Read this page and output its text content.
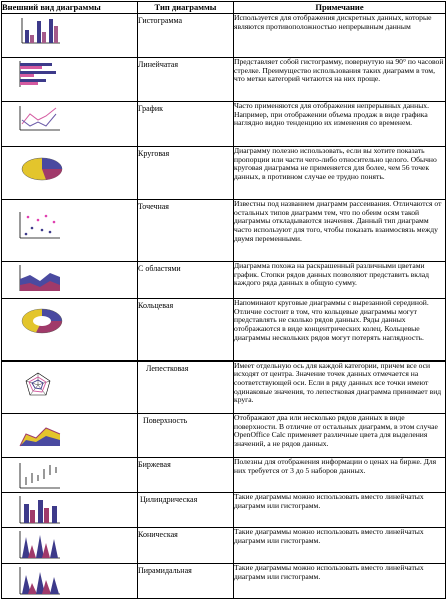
Внешний вид диаграммы	Тип диаграммы	Примечание

Гистограмма	Используется для отображения дискретных данных, которые являются противоположностью непрерывным данным

Линейчатая	Представляет собой гистограмму, повернутую на 90° по часовой стрелке. Преимущество использования таких диаграмм в том, что метки категорий читаются на них проще.

График	Часто применяются для отображения непрерывных данных. Например, при отображении объема продаж в виде графика наглядно видно тенденцию их изменения со временем.

Круговая	Диаграмму полезно использовать, если вы хотите показать пропорции или части чего-либо относительно целого. Обычно круговая диаграмма не применяется для более, чем 56 точек данных, в противном случае ее трудно понять.

Точечная	Известны под названием диаграмм рассеивания. Отличаются от остальных типов диаграмм тем, что по обеим осям такой диаграммы откладываются значения. Данный тип диаграмм часто используют для того, чтобы показать взаимосвязь между двумя переменными.

С областями	Диаграмма похожа на раскрашенный различными цветами график. Стопки рядов данных позволяют представить вклад каждого ряда данных в общую сумму.

Кольцевая	Напоминают круговые диаграммы с вырезанной серединой. Отличие состоит в том, что кольцевые диаграммы могут представлять не сколько рядов данных. Ряды данных отображаются в виде концентрических колец. Кольцевые диаграммы нескольких рядов могут потерять наглядность.

Лепестковая	Имеет отдельную ось для каждой категории, причем все оси исходят от центра. Значение точек данных отмечается на соответствующей оси. Если в ряду данных все точки имеют одинаковые значения, то лепестковая диаграмма принимает вид круга.

Поверхность	Отображают два или несколько рядов данных в виде поверхности. В отличие от остальных диаграмм, в этом случае OpenOffice Calc применяет различные цвета для выделения значений, а не рядов данных.

Биржевая	Полезны для отображения информации о ценах на бирже. Для них требуется от 3 до 5 наборов данных.

Цилиндрическая	Такие диаграммы можно использовать вместо линейчатых диаграмм или гистограмм.

Коническая	Такие диаграммы можно использовать вместо линейчатых диаграмм или гистограмм.

Пирамидальная	Такие диаграммы можно использовать вместо линейчатых диаграмм или гистограмм.
